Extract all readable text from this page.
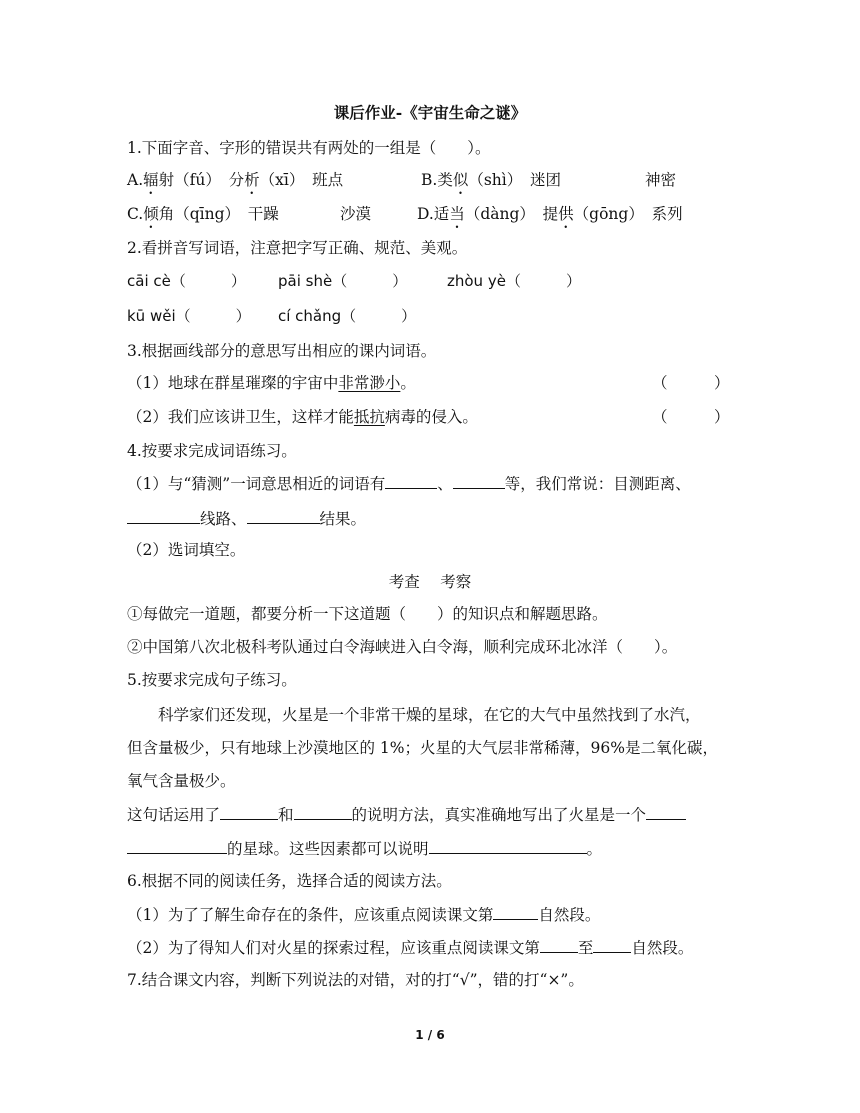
课后作业-《宇宙生命之谜》
1.下面字音、字形的错误共有两处的一组是（　　）。
A.辐射（fú）　分析（xī）　班点	B.类似（shì）　迷团	神密
C.倾角（qīng）　干躁	沙漠	D.适当（dàng）　提供（gōng）　系列
2.看拼音写词语，注意把字写正确、规范、美观。
cāi cè（　　　） pāi shè（　　　）	zhòu yè（　　　）
kū wěi（　　　） cí chǎng（　　　）
3.根据画线部分的意思写出相应的课内词语。
（1）地球在群星璀璨的宇宙中非常渺小。	（　　　）
（2）我们应该讲卫生，这样才能抵抗病毒的侵入。	（　　　）
4.按要求完成词语练习。
（1）与“猜测”一词意思相近的词语有	、	等，我们常说：目测距离、
线路、	结果。
（2）选词填空。
考查　 考察
①每做完一道题，都要分析一下这道题（　　）的知识点和解题思路。
②中国第八次北极科考队通过白令海峡进入白令海，顺利完成环北冰洋（　　）。
5.按要求完成句子练习。
科学家们还发现，火星是一个非常干燥的星球，在它的大气中虽然找到了水汽，
但含量极少，只有地球上沙漠地区的 1%；火星的大气层非常稀薄，96%是二氧化碳，
氧气含量极少。
这句话运用了	和	的说明方法，真实准确地写出了火星是一个
的星球。这些因素都可以说明	。
6.根据不同的阅读任务，选择合适的阅读方法。
（1）为了了解生命存在的条件，应该重点阅读课文第	自然段。
（2）为了得知人们对火星的探索过程，应该重点阅读课文第 至 自然段。
7.结合课文内容，判断下列说法的对错，对的打“√”，错的打“×”。
1 / 6
